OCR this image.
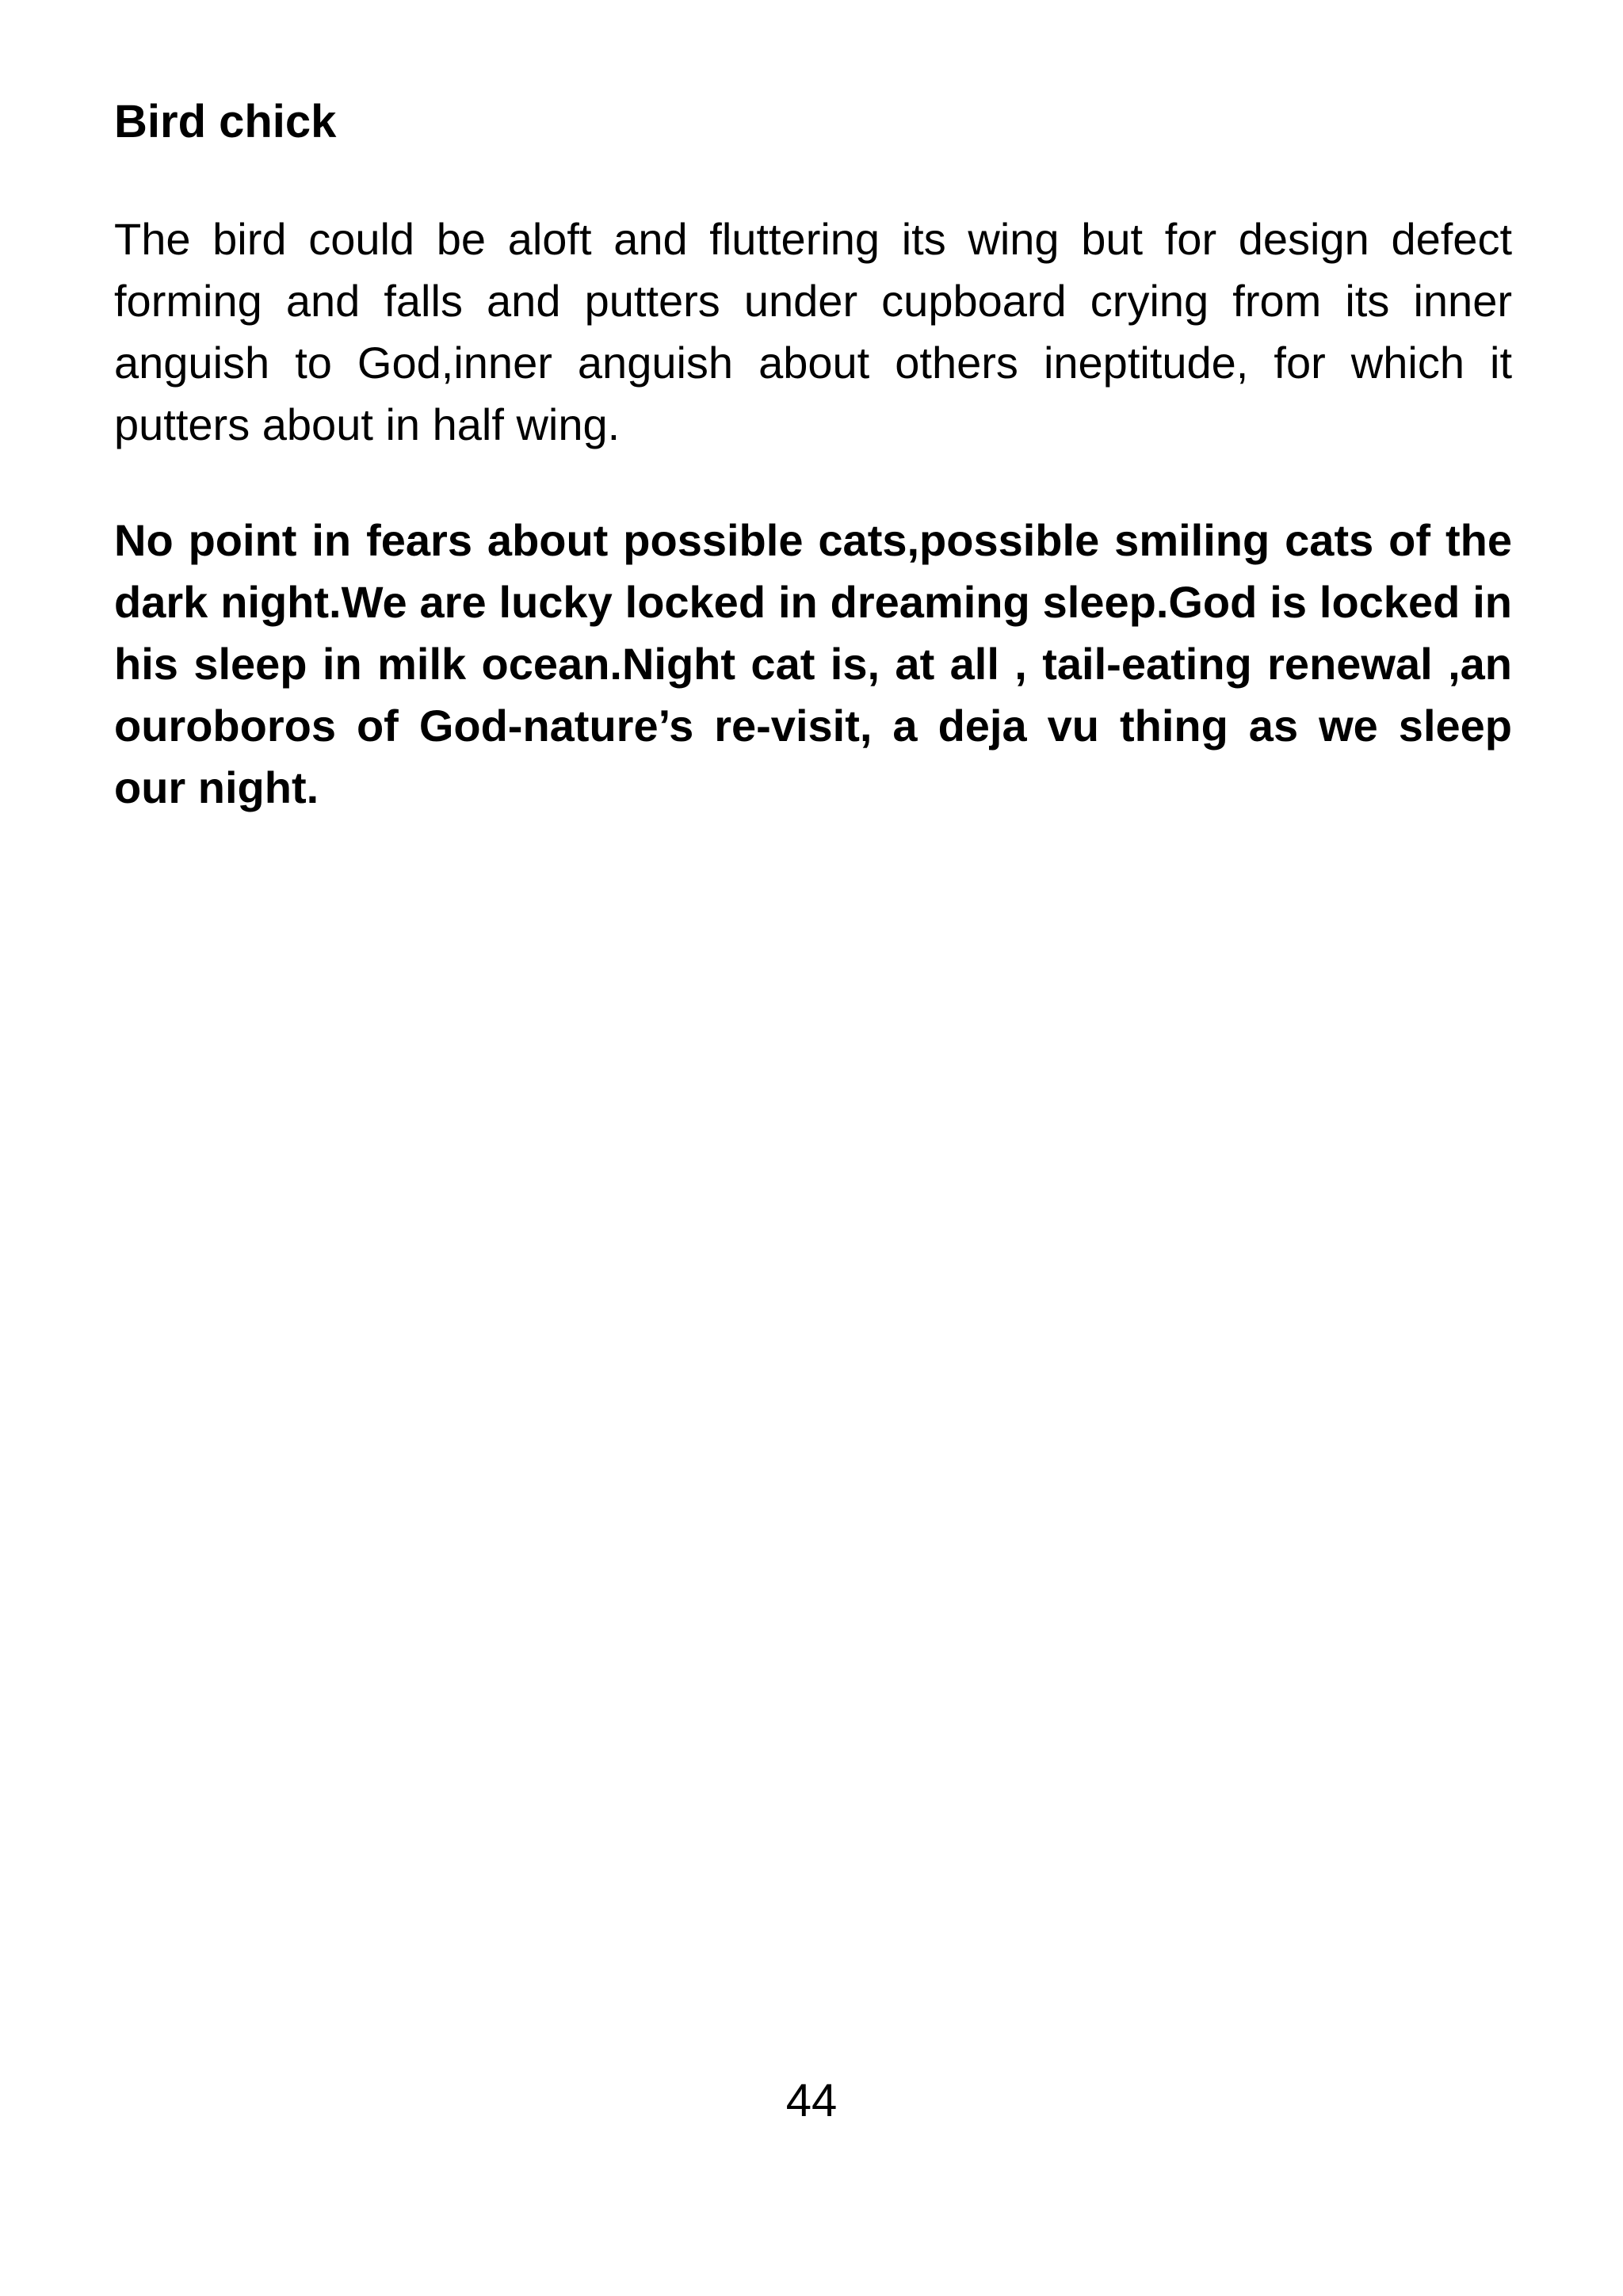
Bird chick

The bird could be aloft and fluttering its wing but for design defect forming and falls and putters under cupboard crying from its inner anguish to God,inner anguish about others ineptitude, for which it putters about in half wing.

No point in fears about possible cats,possible smiling cats of the dark night.We are lucky locked in dreaming sleep.God is locked in his sleep in milk ocean.Night cat is, at all , tail-eating renewal ,an ouroboros of God-nature’s re-visit, a deja vu thing as we sleep our night.

44
